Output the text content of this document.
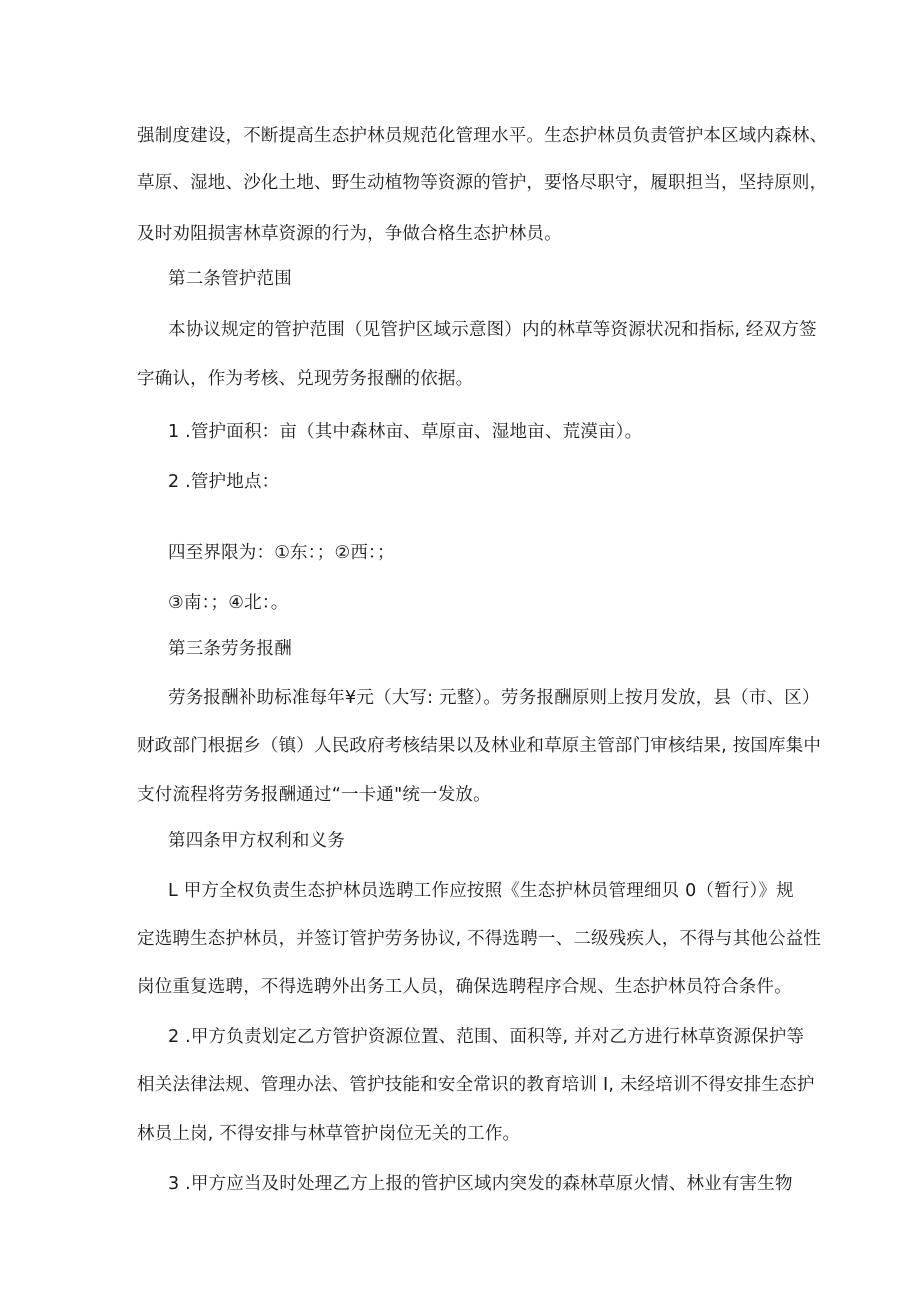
强制度建设，不断提高生态护林员规范化管理水平。生态护林员负责管护本区域内森林、
草原、湿地、沙化土地、野生动植物等资源的管护，要恪尽职守，履职担当，坚持原则，
及时劝阻损害林草资源的行为，争做合格生态护林员。
第二条管护范围
本协议规定的管护范围（见管护区域示意图）内的林草等资源状况和指标, 经双方签
字确认，作为考核、兑现劳务报酬的依据。
1 .管护面积：亩（其中森林亩、草原亩、湿地亩、荒漠亩）。
2 .管护地点：
四至界限为：①东：；②西：；
③南：；④北：。
第三条劳务报酬
劳务报酬补助标准每年¥元（大写: 元整）。劳务报酬原则上按月发放，县（市、区）
财政部门根据乡（镇）人民政府考核结果以及林业和草原主管部门审核结果, 按国库集中
支付流程将劳务报酬通过“一卡通"统一发放。
第四条甲方权利和义务
L 甲方全权负责生态护林员选聘工作应按照《生态护林员管理细贝 0（暂行）》规
定选聘生态护林员，并签订管护劳务协议, 不得选聘一、二级残疾人，不得与其他公益性
岗位重复选聘，不得选聘外出务工人员，确保选聘程序合规、生态护林员符合条件。
2 .甲方负责划定乙方管护资源位置、范围、面积等, 并对乙方进行林草资源保护等
相关法律法规、管理办法、管护技能和安全常识的教育培训 I, 未经培训不得安排生态护
林员上岗, 不得安排与林草管护岗位无关的工作。
3 .甲方应当及时处理乙方上报的管护区域内突发的森林草原火情、林业有害生物
